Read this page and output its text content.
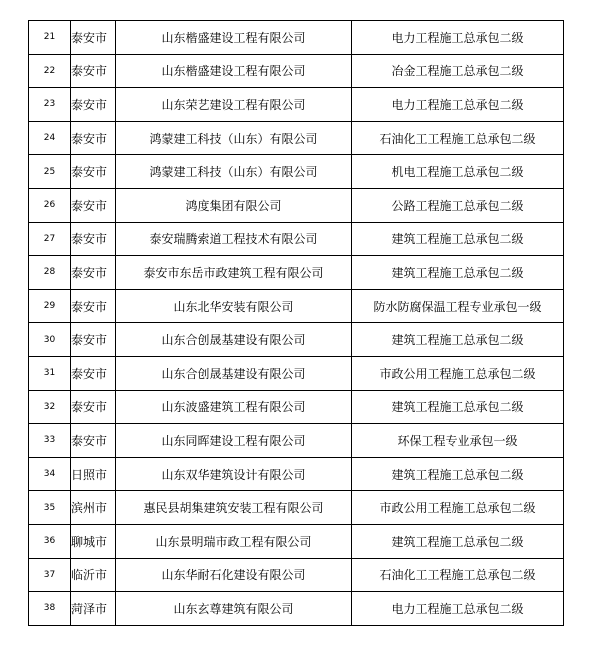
21	泰安市	山东楷盛建设工程有限公司	电力工程施工总承包二级
22	泰安市	山东楷盛建设工程有限公司	冶金工程施工总承包二级
23	泰安市	山东荣艺建设工程有限公司	电力工程施工总承包二级
24	泰安市	鸿蒙建工科技（山东）有限公司	石油化工工程施工总承包二级
25	泰安市	鸿蒙建工科技（山东）有限公司	机电工程施工总承包二级
26	泰安市	鸿度集团有限公司	公路工程施工总承包二级
27	泰安市	泰安瑞腾索道工程技术有限公司	建筑工程施工总承包二级
28	泰安市	泰安市东岳市政建筑工程有限公司	建筑工程施工总承包二级
29	泰安市	山东北华安装有限公司	防水防腐保温工程专业承包一级
30	泰安市	山东合创晟基建设有限公司	建筑工程施工总承包二级
31	泰安市	山东合创晟基建设有限公司	市政公用工程施工总承包二级
32	泰安市	山东波盛建筑工程有限公司	建筑工程施工总承包二级
33	泰安市	山东同晖建设工程有限公司	环保工程专业承包一级
34	日照市	山东双华建筑设计有限公司	建筑工程施工总承包二级
35	滨州市	惠民县胡集建筑安装工程有限公司	市政公用工程施工总承包二级
36	聊城市	山东景明瑞市政工程有限公司	建筑工程施工总承包二级
37	临沂市	山东华耐石化建设有限公司	石油化工工程施工总承包二级
38	菏泽市	山东玄尊建筑有限公司	电力工程施工总承包二级
